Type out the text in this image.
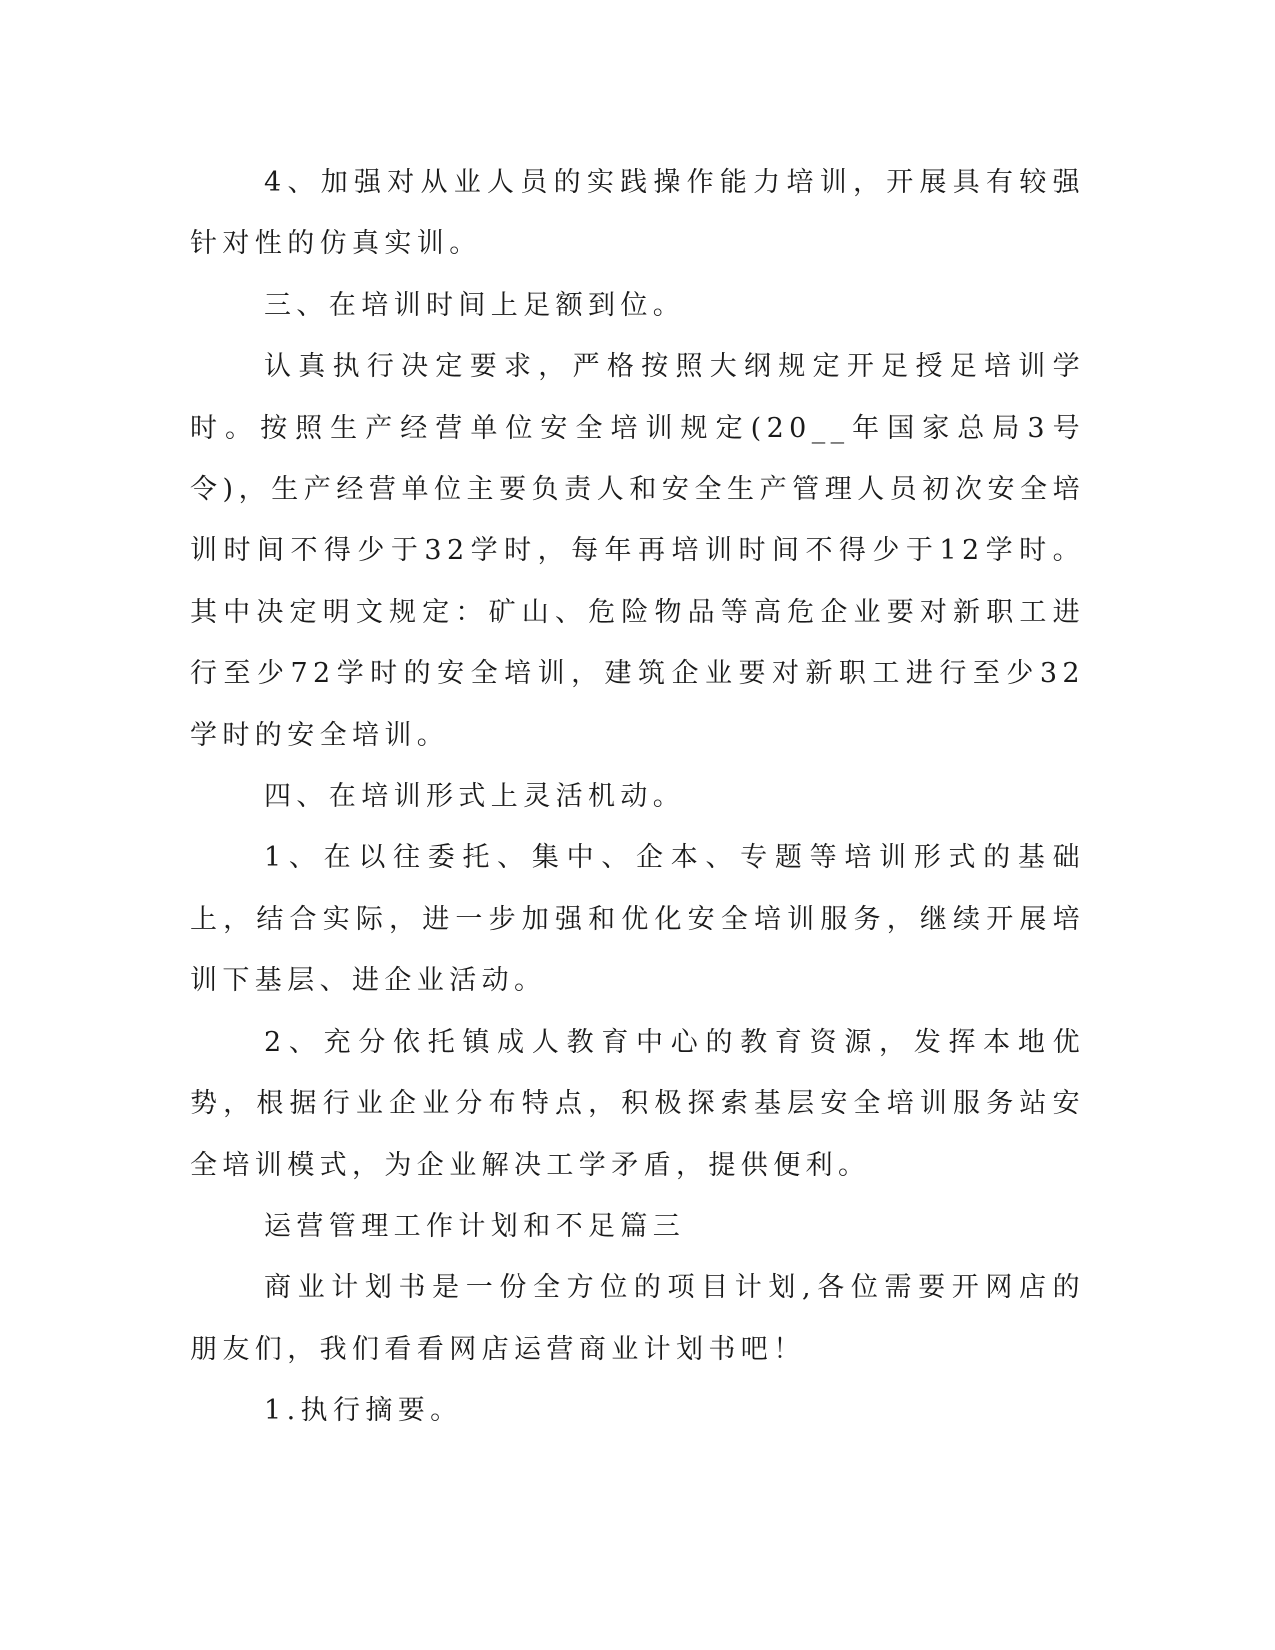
4、加强对从业人员的实践操作能力培训，开展具有较强针对性的仿真实训。

三、在培训时间上足额到位。

认真执行决定要求，严格按照大纲规定开足授足培训学时。按照生产经营单位安全培训规定(20__年国家总局3号令)，生产经营单位主要负责人和安全生产管理人员初次安全培训时间不得少于32学时，每年再培训时间不得少于12学时。其中决定明文规定：矿山、危险物品等高危企业要对新职工进行至少72学时的安全培训，建筑企业要对新职工进行至少32学时的安全培训。

四、在培训形式上灵活机动。

1、在以往委托、集中、企本、专题等培训形式的基础上，结合实际，进一步加强和优化安全培训服务，继续开展培训下基层、进企业活动。

2、充分依托镇成人教育中心的教育资源，发挥本地优势，根据行业企业分布特点，积极探索基层安全培训服务站安全培训模式，为企业解决工学矛盾，提供便利。

运营管理工作计划和不足篇三

商业计划书是一份全方位的项目计划,各位需要开网店的朋友们，我们看看网店运营商业计划书吧！

1.执行摘要。
